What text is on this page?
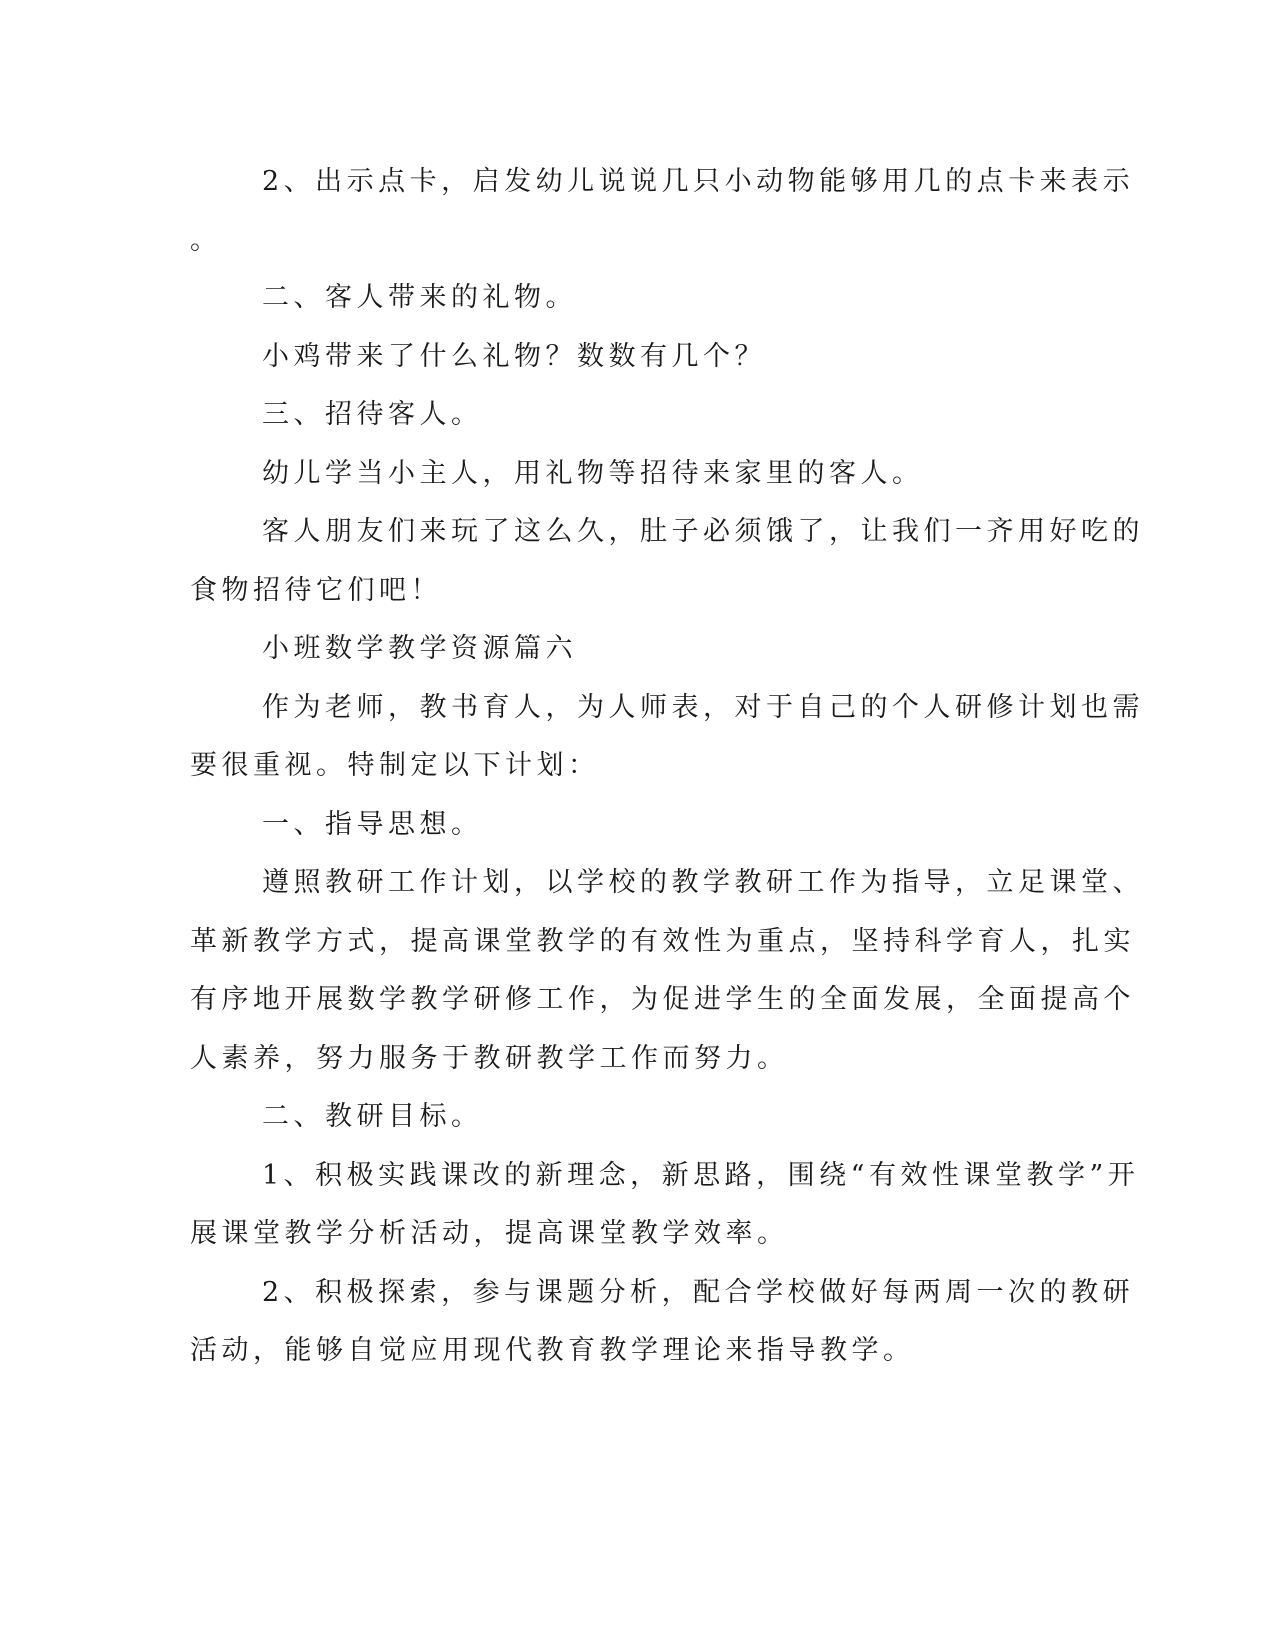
2、出示点卡，启发幼儿说说几只小动物能够用几的点卡来表示
。
二、客人带来的礼物。
小鸡带来了什么礼物？数数有几个？
三、招待客人。
幼儿学当小主人，用礼物等招待来家里的客人。
客人朋友们来玩了这么久，肚子必须饿了，让我们一齐用好吃的
食物招待它们吧！
小班数学教学资源篇六
作为老师，教书育人，为人师表，对于自己的个人研修计划也需
要很重视。特制定以下计划：
一、指导思想。
遵照教研工作计划，以学校的教学教研工作为指导，立足课堂、
革新教学方式，提高课堂教学的有效性为重点，坚持科学育人，扎实
有序地开展数学教学研修工作，为促进学生的全面发展，全面提高个
人素养，努力服务于教研教学工作而努力。
二、教研目标。
1、积极实践课改的新理念，新思路，围绕“有效性课堂教学”开
展课堂教学分析活动，提高课堂教学效率。
2、积极探索，参与课题分析，配合学校做好每两周一次的教研
活动，能够自觉应用现代教育教学理论来指导教学。
